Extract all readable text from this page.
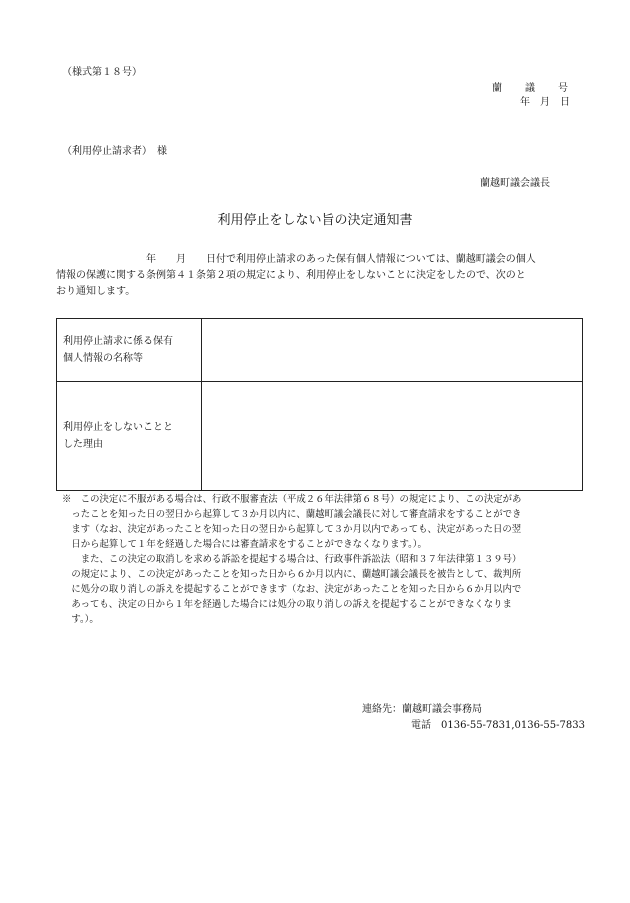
（様式第１８号）
蘭　　議　　号
年　月　日
（利用停止請求者）　様
蘭越町議会議長
利用停止をしない旨の決定通知書
　　　　　　　　　年　　月　　日付で利用停止請求のあった保有個人情報については、蘭越町議会の個人
情報の保護に関する条例第４１条第２項の規定により、利用停止をしないことに決定をしたので、次のと
おり通知します。
利用停止請求に係る保有
個人情報の名称等	

利用停止をしないことと
した理由	

※　この決定に不服がある場合は、行政不服審査法（平成２６年法律第６８号）の規定により、この決定があ
　ったことを知った日の翌日から起算して３か月以内に、蘭越町議会議長に対して審査請求をすることができ
　ます（なお、決定があったことを知った日の翌日から起算して３か月以内であっても、決定があった日の翌
　日から起算して１年を経過した場合には審査請求をすることができなくなります。）。
　　また、この決定の取消しを求める訴訟を提起する場合は、行政事件訴訟法（昭和３７年法律第１３９号）
　の規定により、この決定があったことを知った日から６か月以内に、蘭越町議会議長を被告として、裁判所
　に処分の取り消しの訴えを提起することができます（なお、決定があったことを知った日から６か月以内で
　あっても、決定の日から１年を経過した場合には処分の取り消しの訴えを提起することができなくなりま
　す。）。
連絡先：蘭越町議会事務局
電話　0136-55-7831,0136-55-7833
